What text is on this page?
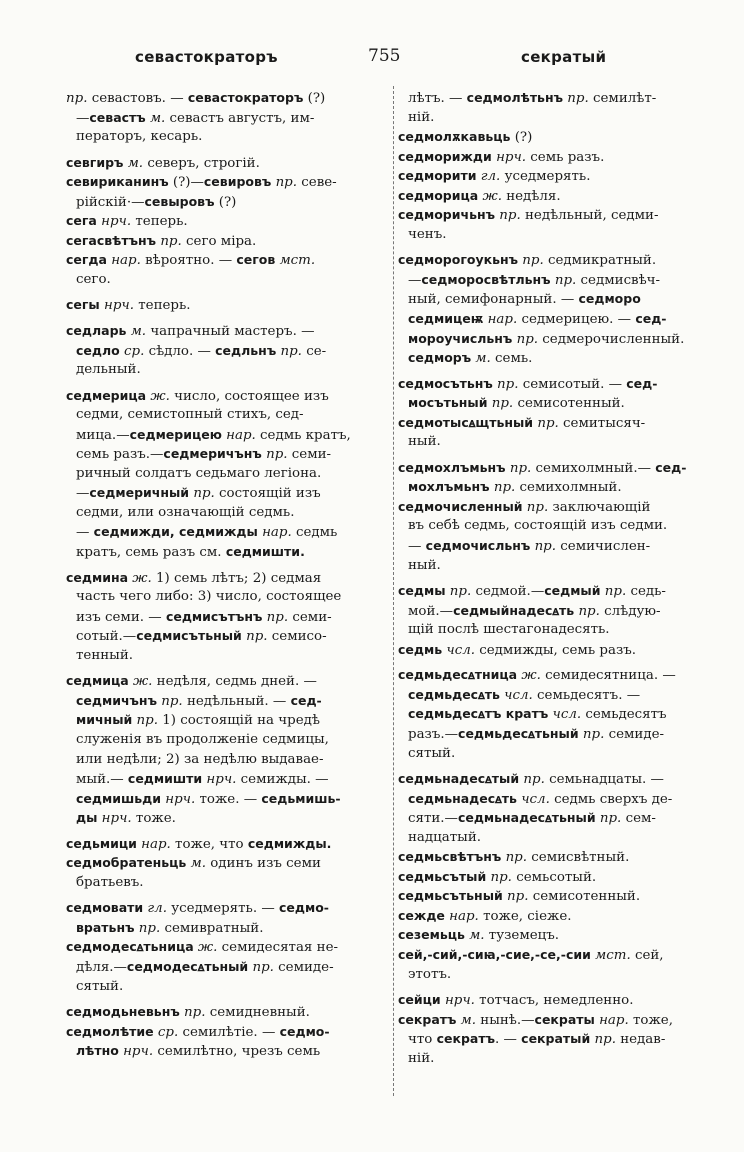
севастократоръ	755	секратый
пр. севастовъ. — севастократоръ (?)
—севастъ м. севастъ августъ, им-
ператоръ, кесарь.
севгиръ м. северъ, строгій.
севириканинъ (?)—севировъ пр. севе-
рійскій·—севыровъ (?)
сега нрч. теперь.
сегасвѣтънъ пр. сего міра.
сегда нар. вѣроятно. — сегов мст.
сего.
сегы нрч. теперь.
седларь м. чапрачный мастеръ. —
седло ср. сѣдло. — седльнъ пр. се-
дельный.
седмерица ж. число, состоящее изъ
седми, семистопный стихъ, сед-
мица.—седмерицею нар. седмь кратъ,
семь разъ.—седмеричънъ пр. семи-
ричный солдатъ седьмаго легіона.
—седмеричный пр. состоящій изъ
седми, или означающій седмь.
— седмижди, седмижды нар. седмь
кратъ, семь разъ см. седмишти.
седмина ж. 1) семь лѣтъ; 2) седмая
часть чего либо: 3) число, состоящее
изъ семи. — седмисътънъ пр. семи-
сотый.—седмисътьный пр. семисо-
тенный.
седмица ж. недѣля, седмь дней. —
седмичънъ пр. недѣльный. — сед-
мичный пр. 1) состоящій на чредѣ
служенія въ продолженіе седмицы,
или недѣли; 2) за недѣлю выдавае-
мый.— седмишти нрч. семижды. —
седмишьди нрч. тоже. — седьмишь-
ды нрч. тоже.
седьмици нар. тоже, что седмижды.
седмобратеньць м. одинъ изъ семи
братьевъ.
седмовати гл. уседмерять. — седмо-
вратьнъ пр. семивратный.
седмодесꙙтьница ж. семидесятая не-
дѣля.—седмодесꙙтьный пр. семиде-
сятый.
седмодьневьнъ пр. семидневный.
седмолѣтие ср. семилѣтіе. — седмо-
лѣтно нрч. семилѣтно, чрезъ семь
лѣтъ. — седмолѣтьнъ пр. семилѣт-
ній.
седмолѫкавьць (?)
седморижди нрч. семь разъ.
седморити гл. уседмерять.
седморица ж. недѣля.
седморичьнъ пр. недѣльный, седми-
ченъ.
седморогоукьнъ пр. седмикратный.
—седморосвѣтльнъ пр. седмисвѣч-
ный, семифонарный. — седморо
седмицеѭ нар. седмерицею. — сед-
мороучисльнъ пр. седмерочисленный.
седморъ м. семь.
седмосътьнъ пр. семисотый. — сед-
мосътьный пр. семисотенный.
седмотысꙙщтьный пр. семитысяч-
ный.
седмохлъмьнъ пр. семихолмный.— сед-
мохлъмьнъ пр. семихолмный.
седмочисленный пр. заключающій
въ себѣ седмь, состоящій изъ седми.
— седмочисльнъ пр. семичислен-
ный.
седмы пр. седмой.—седмый пр. седь-
мой.—седмыйнадесꙙть пр. слѣдую-
щій послѣ шестагонадесять.
седмь чсл. седмижды, семь разъ.
седмьдесꙙтница ж. семидесятница. —
седмьдесꙙть чсл. семьдесятъ. —
седмьдесꙙтъ кратъ чсл. семьдесятъ
разъ.—седмьдесꙙтьный пр. семиде-
сятый.
седмьнадесꙙтый пр. семьнадцаты. —
седмьнадесꙙть чсл. седмь сверхъ де-
сяти.—седмьнадесꙙтьный пр. сем-
надцатый.
седмьсвѣтънъ пр. семисвѣтный.
седмьсътый пр. семьсотый.
седмьсътьный пр. семисотенный.
сежде нар. тоже, сіеже.
сеземьць м. туземецъ.
сей,-сий,-сиꙗ,-сие,-се,-сии мст. сей,
этотъ.
сейци нрч. тотчасъ, немедленно.
секратъ м. нынѣ.—секраты нар. тоже,
что секратъ. — секратый пр. недав-
ній.
